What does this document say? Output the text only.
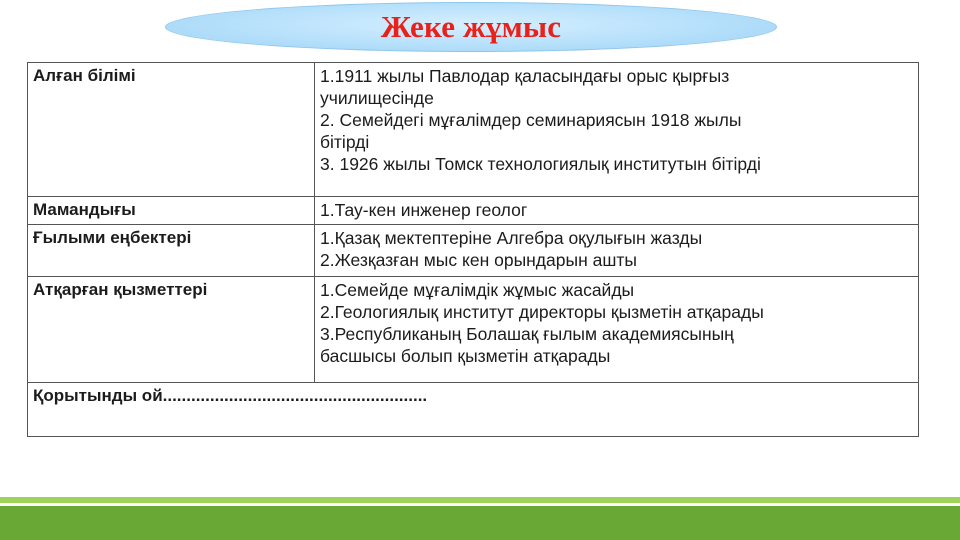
Жеке жұмыс
Алған білімі	1.1911 жылы Павлодар қаласындағы орыс қырғыз
училищесінде
2. Семейдегі мұғалімдер семинариясын 1918 жылы
бітірді
3. 1926 жылы Томск технологиялық институтын бітірді

Мамандығы	1.Тау-кен инженер геолог

Ғылыми еңбектері	1.Қазақ мектептеріне Алгебра оқулығын жазды
2.Жезқазған мыс кен орындарын ашты

Атқарған қызметтері	1.Семейде мұғалімдік жұмыс жасайды
2.Геологиялық институт директоры қызметін атқарады
3.Республиканың Болашақ ғылым академиясының
басшысы болып қызметін атқарады

Қорытынды ой........................................................	
